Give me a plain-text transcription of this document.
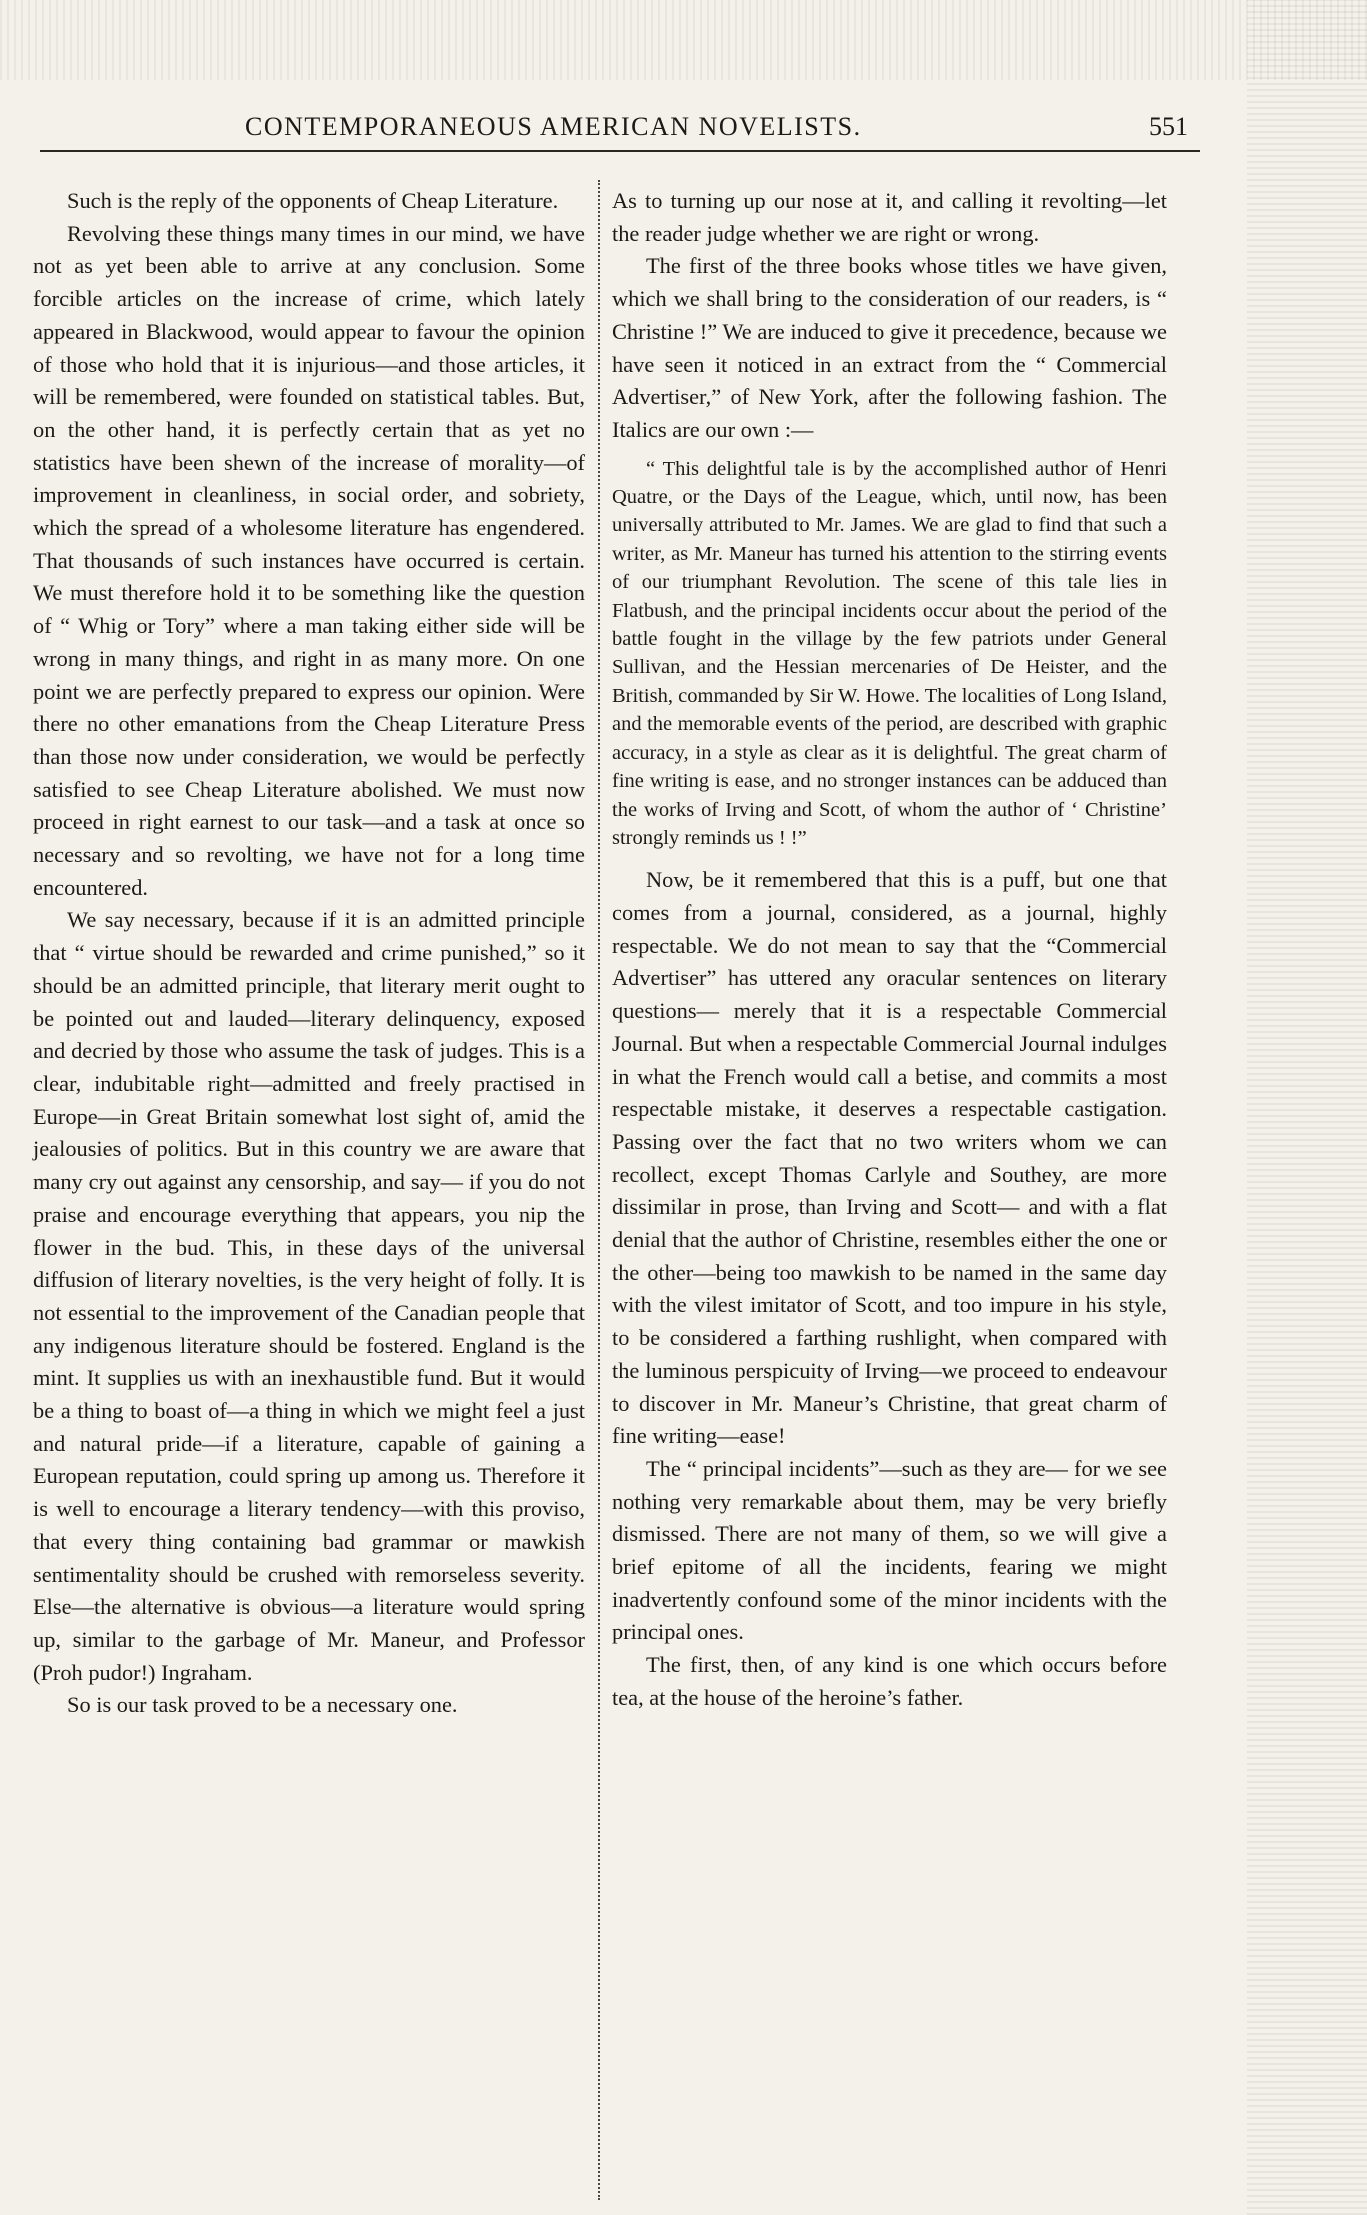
CONTEMPORANEOUS AMERICAN NOVELISTS.	551

Such is the reply of the opponents of Cheap Literature.

Revolving these things many times in our mind, we have not as yet been able to arrive at any conclusion. Some forcible articles on the increase of crime, which lately appeared in Blackwood, would appear to favour the opinion of those who hold that it is injurious—and those articles, it will be remembered, were founded on statistical tables. But, on the other hand, it is perfectly certain that as yet no statistics have been shewn of the increase of morality—of improvement in cleanliness, in social order, and sobriety, which the spread of a wholesome literature has engendered. That thousands of such instances have occurred is certain. We must therefore hold it to be something like the question of “ Whig or Tory” where a man taking either side will be wrong in many things, and right in as many more. On one point we are perfectly prepared to express our opinion. Were there no other emanations from the Cheap Literature Press than those now under consideration, we would be perfectly satisfied to see Cheap Literature abolished. We must now proceed in right earnest to our task—and a task at once so necessary and so revolting, we have not for a long time encountered.

We say necessary, because if it is an admitted principle that “ virtue should be rewarded and crime punished,” so it should be an admitted principle, that literary merit ought to be pointed out and lauded—literary delinquency, exposed and decried by those who assume the task of judges. This is a clear, indubitable right—admitted and freely practised in Europe—in Great Britain somewhat lost sight of, amid the jealousies of politics. But in this country we are aware that many cry out against any censorship, and say— if you do not praise and encourage everything that appears, you nip the flower in the bud. This, in these days of the universal diffusion of literary novelties, is the very height of folly. It is not essential to the improvement of the Canadian people that any indigenous literature should be fostered. England is the mint. It supplies us with an inexhaustible fund. But it would be a thing to boast of—a thing in which we might feel a just and natural pride—if a literature, capable of gaining a European reputation, could spring up among us. Therefore it is well to encourage a literary tendency—with this proviso, that every thing containing bad grammar or mawkish sentimentality should be crushed with remorseless severity. Else—the alternative is obvious—a literature would spring up, similar to the garbage of Mr. Maneur, and Professor (Proh pudor!) Ingraham.

So is our task proved to be a necessary one.

As to turning up our nose at it, and calling it revolting—let the reader judge whether we are right or wrong.

The first of the three books whose titles we have given, which we shall bring to the consideration of our readers, is “ Christine !” We are induced to give it precedence, because we have seen it noticed in an extract from the “ Commercial Advertiser,” of New York, after the following fashion. The Italics are our own :—

“ This delightful tale is by the accomplished author of Henri Quatre, or the Days of the League, which, until now, has been universally attributed to Mr. James. We are glad to find that such a writer, as Mr. Maneur has turned his attention to the stirring events of our triumphant Revolution. The scene of this tale lies in Flatbush, and the principal incidents occur about the period of the battle fought in the village by the few patriots under General Sullivan, and the Hessian mercenaries of De Heister, and the British, commanded by Sir W. Howe. The localities of Long Island, and the memorable events of the period, are described with graphic accuracy, in a style as clear as it is delightful. The great charm of fine writing is ease, and no stronger instances can be adduced than the works of Irving and Scott, of whom the author of ‘ Christine’ strongly reminds us ! !”

Now, be it remembered that this is a puff, but one that comes from a journal, considered, as a journal, highly respectable. We do not mean to say that the “Commercial Advertiser” has uttered any oracular sentences on literary questions— merely that it is a respectable Commercial Journal. But when a respectable Commercial Journal indulges in what the French would call a betise, and commits a most respectable mistake, it deserves a respectable castigation. Passing over the fact that no two writers whom we can recollect, except Thomas Carlyle and Southey, are more dissimilar in prose, than Irving and Scott— and with a flat denial that the author of Christine, resembles either the one or the other—being too mawkish to be named in the same day with the vilest imitator of Scott, and too impure in his style, to be considered a farthing rushlight, when compared with the luminous perspicuity of Irving—we proceed to endeavour to discover in Mr. Maneur’s Christine, that great charm of fine writing—ease!

The “ principal incidents”—such as they are— for we see nothing very remarkable about them, may be very briefly dismissed. There are not many of them, so we will give a brief epitome of all the incidents, fearing we might inadvertently confound some of the minor incidents with the principal ones.

The first, then, of any kind is one which occurs before tea, at the house of the heroine’s father.
